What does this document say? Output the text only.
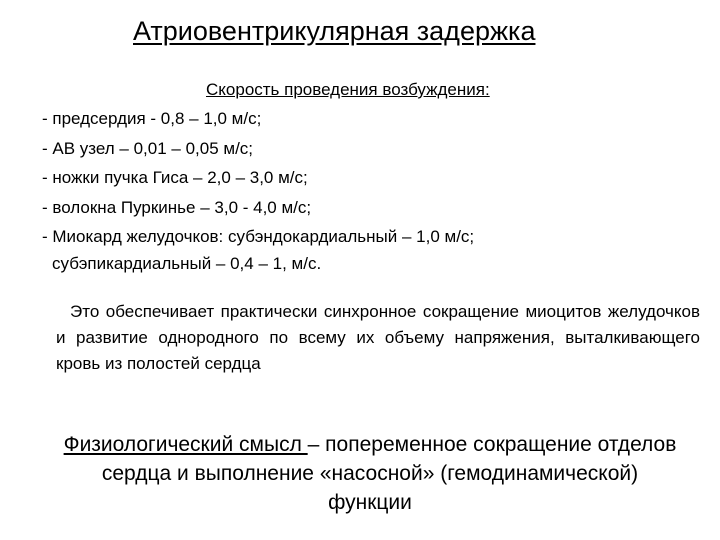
Атриовентрикулярная задержка
Скорость проведения возбуждения:
- предсердия - 0,8 – 1,0 м/с;
- АВ узел – 0,01 – 0,05 м/с;
- ножки пучка Гиса – 2,0 – 3,0 м/с;
- волокна Пуркинье – 3,0 - 4,0 м/с;
- Миокард желудочков: субэндокардиальный – 1,0 м/с;
субэпикардиальный – 0,4 – 1, м/с.

Это обеспечивает практически синхронное сокращение миоцитов желудочков и развитие однородного по всему их объему напряжения, выталкивающего кровь из полостей сердца

Физиологический смысл – попеременное сокращение отделов сердца и выполнение «насосной» (гемодинамической) функции
